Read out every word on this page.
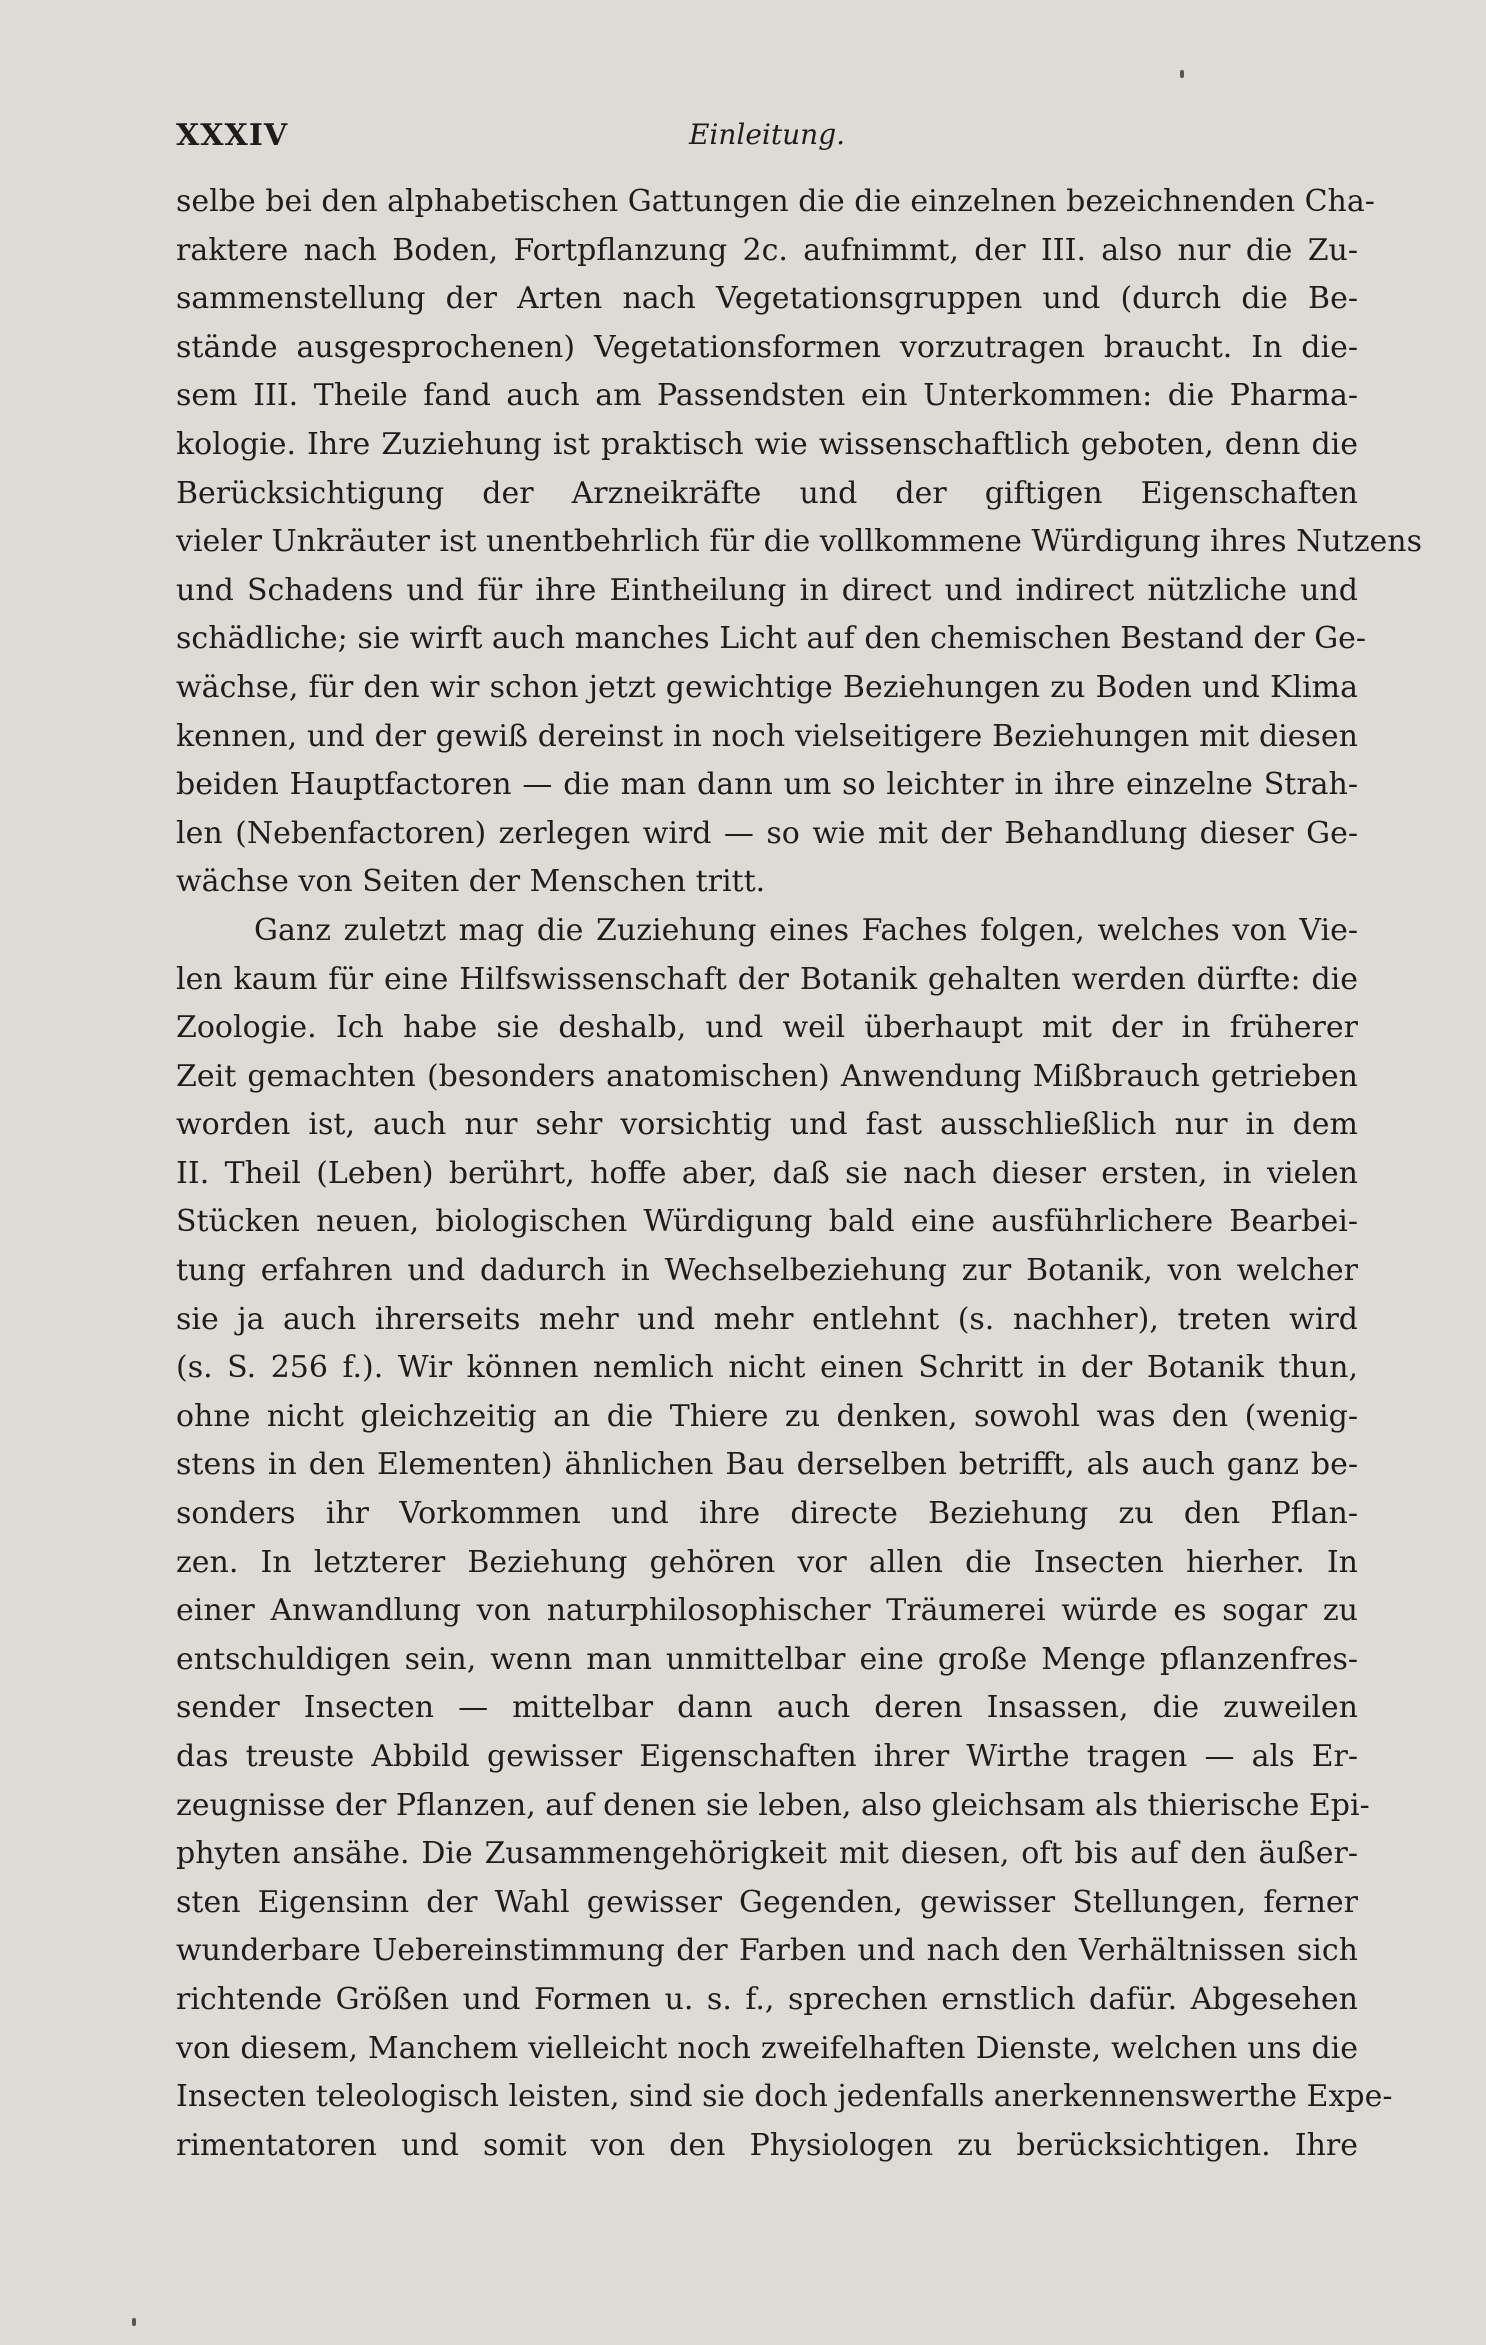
XXXIV	Einleitung.
selbe bei den alphabetischen Gattungen die die einzelnen bezeichnenden Cha-
raktere nach Boden, Fortpflanzung 2c. aufnimmt, der III. also nur die Zu-
sammenstellung der Arten nach Vegetationsgruppen und (durch die Be-
stände ausgesprochenen) Vegetationsformen vorzutragen braucht. In die-
sem III. Theile fand auch am Passendsten ein Unterkommen: die Pharma-
kologie. Ihre Zuziehung ist praktisch wie wissenschaftlich geboten, denn die
Berücksichtigung der Arzneikräfte und der giftigen Eigenschaften
vieler Unkräuter ist unentbehrlich für die vollkommene Würdigung ihres Nutzens
und Schadens und für ihre Eintheilung in direct und indirect nützliche und
schädliche; sie wirft auch manches Licht auf den chemischen Bestand der Ge-
wächse, für den wir schon jetzt gewichtige Beziehungen zu Boden und Klima
kennen, und der gewiß dereinst in noch vielseitigere Beziehungen mit diesen
beiden Hauptfactoren — die man dann um so leichter in ihre einzelne Strah-
len (Nebenfactoren) zerlegen wird — so wie mit der Behandlung dieser Ge-
wächse von Seiten der Menschen tritt.
Ganz zuletzt mag die Zuziehung eines Faches folgen, welches von Vie-
len kaum für eine Hilfswissenschaft der Botanik gehalten werden dürfte: die
Zoologie. Ich habe sie deshalb, und weil überhaupt mit der in früherer
Zeit gemachten (besonders anatomischen) Anwendung Mißbrauch getrieben
worden ist, auch nur sehr vorsichtig und fast ausschließlich nur in dem
II. Theil (Leben) berührt, hoffe aber, daß sie nach dieser ersten, in vielen
Stücken neuen, biologischen Würdigung bald eine ausführlichere Bearbei-
tung erfahren und dadurch in Wechselbeziehung zur Botanik, von welcher
sie ja auch ihrerseits mehr und mehr entlehnt (s. nachher), treten wird
(s. S. 256 f.). Wir können nemlich nicht einen Schritt in der Botanik thun,
ohne nicht gleichzeitig an die Thiere zu denken, sowohl was den (wenig-
stens in den Elementen) ähnlichen Bau derselben betrifft, als auch ganz be-
sonders ihr Vorkommen und ihre directe Beziehung zu den Pflan-
zen. In letzterer Beziehung gehören vor allen die Insecten hierher. In
einer Anwandlung von naturphilosophischer Träumerei würde es sogar zu
entschuldigen sein, wenn man unmittelbar eine große Menge pflanzenfres-
sender Insecten — mittelbar dann auch deren Insassen, die zuweilen
das treuste Abbild gewisser Eigenschaften ihrer Wirthe tragen — als Er-
zeugnisse der Pflanzen, auf denen sie leben, also gleichsam als thierische Epi-
phyten ansähe. Die Zusammengehörigkeit mit diesen, oft bis auf den äußer-
sten Eigensinn der Wahl gewisser Gegenden, gewisser Stellungen, ferner
wunderbare Uebereinstimmung der Farben und nach den Verhältnissen sich
richtende Größen und Formen u. s. f., sprechen ernstlich dafür. Abgesehen
von diesem, Manchem vielleicht noch zweifelhaften Dienste, welchen uns die
Insecten teleologisch leisten, sind sie doch jedenfalls anerkennenswerthe Expe-
rimentatoren und somit von den Physiologen zu berücksichtigen. Ihre
